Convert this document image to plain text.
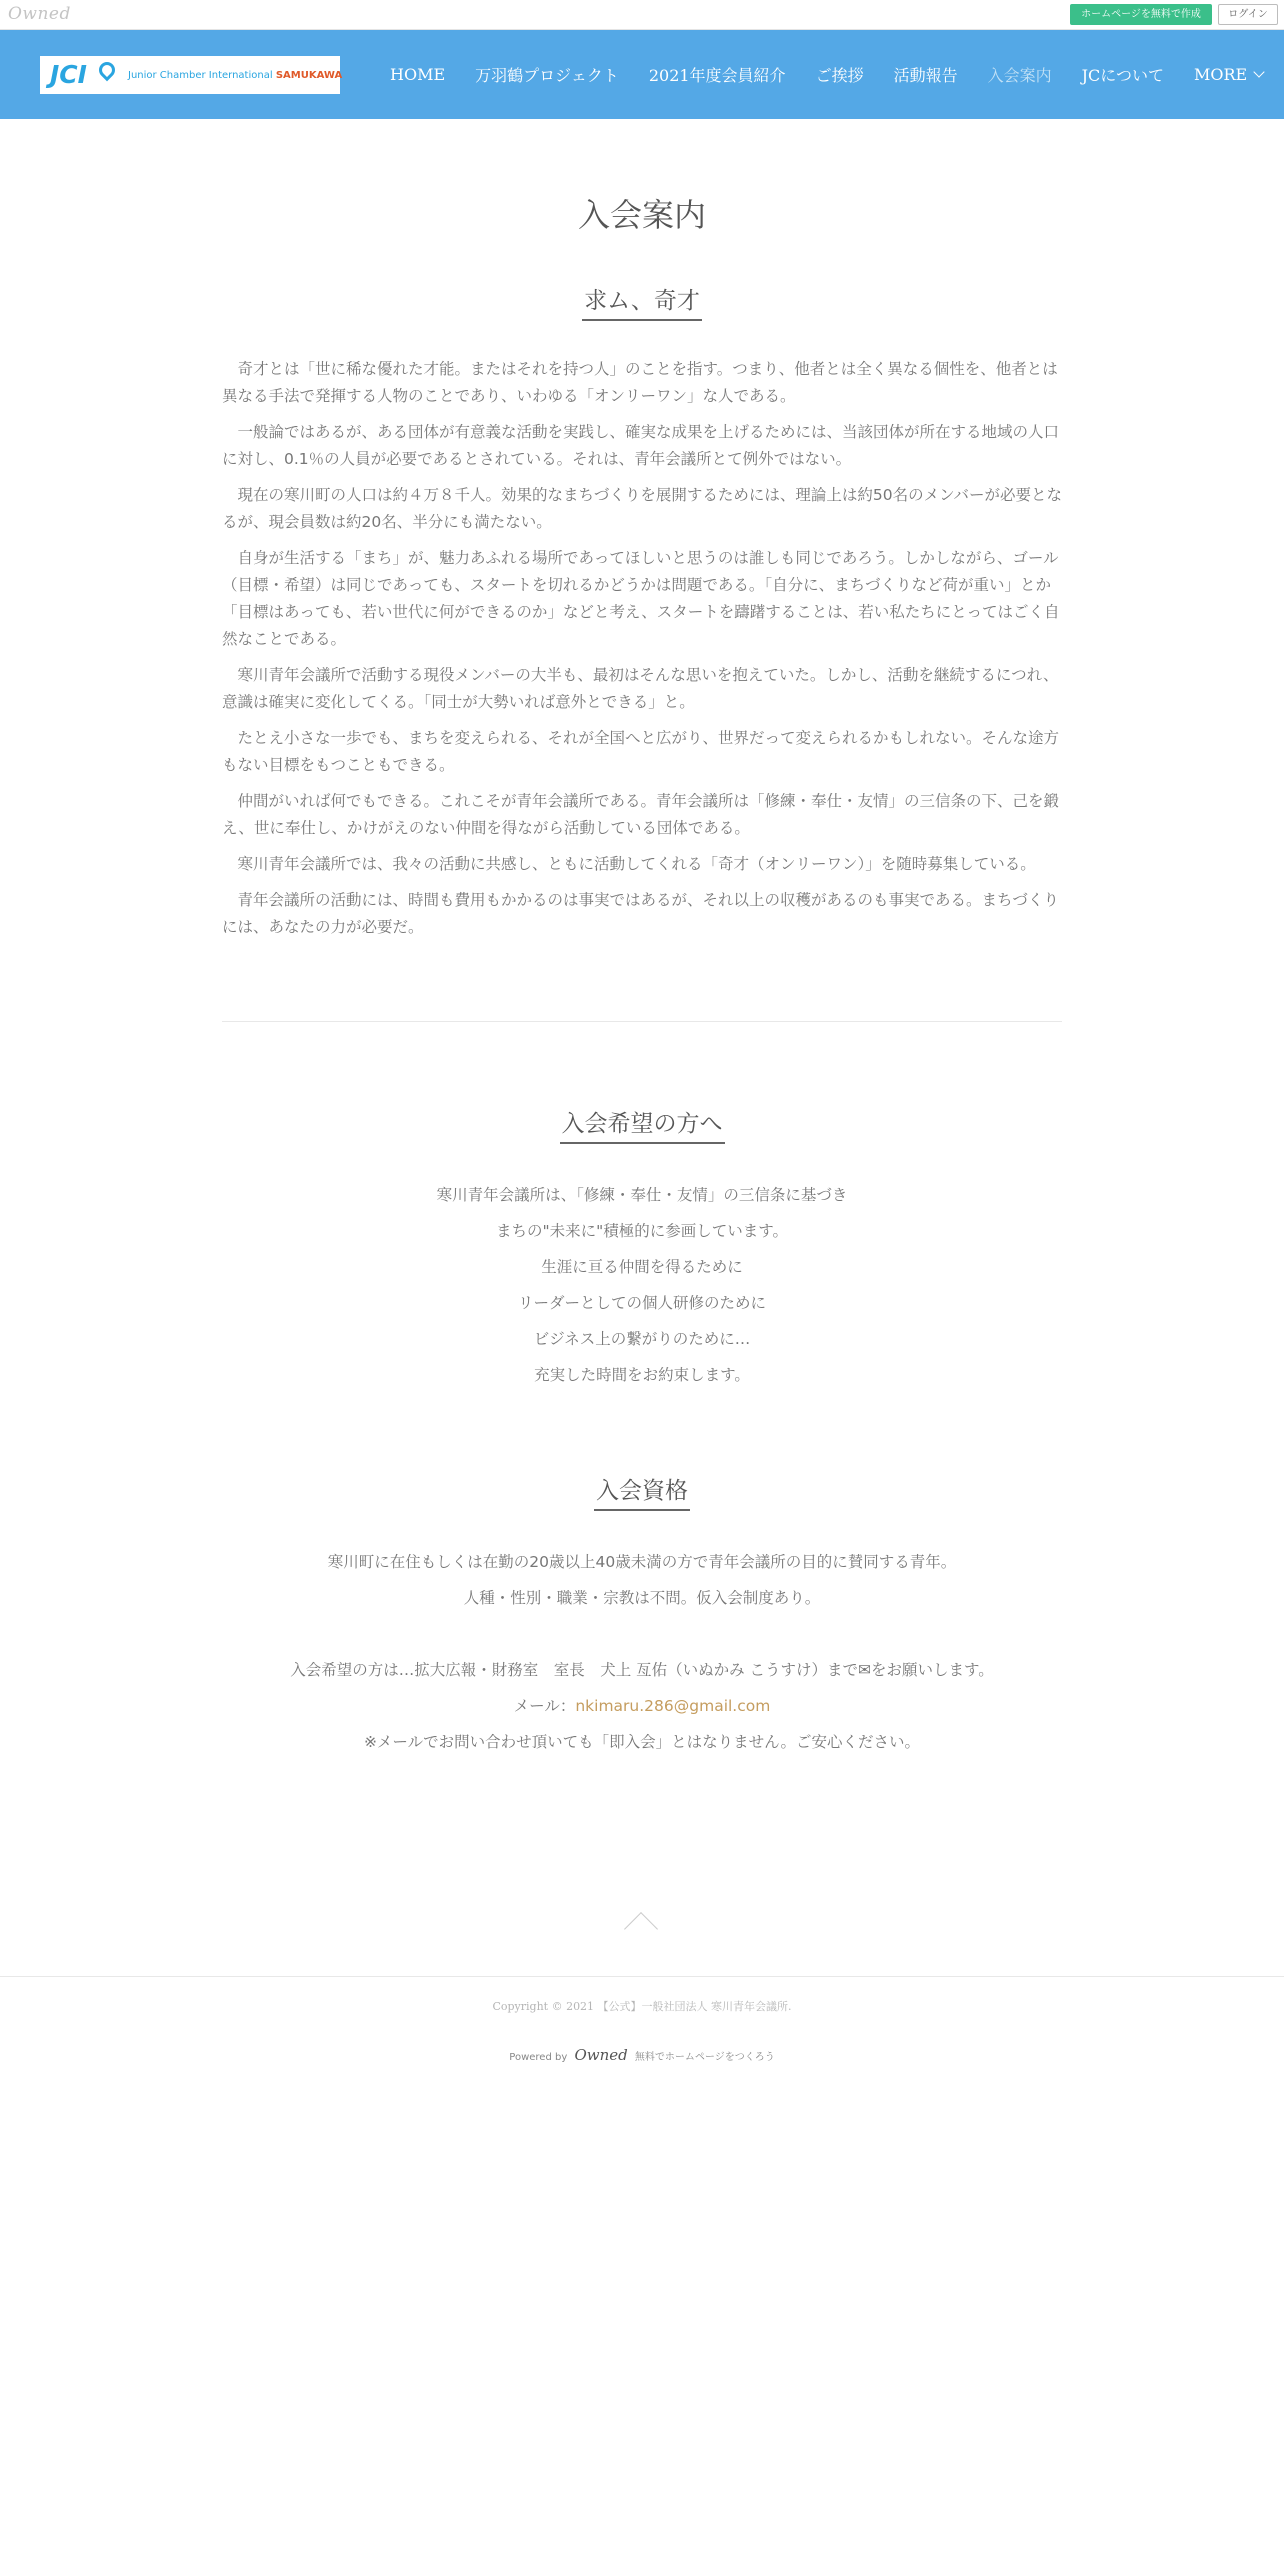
Owned	ホームページを無料で作成	ログイン
JCI	Junior Chamber International SAMUKAWA	HOME 万羽鶴プロジェクト 2021年度会員紹介 ご挨拶 活動報告 入会案内 JCについて MORE
入会案内
求ム、奇才

奇才とは「世に稀な優れた才能。またはそれを持つ人」のことを指す。つまり、他者とは全く異なる個性を、他者とは異なる手法で発揮する人物のことであり、いわゆる「オンリーワン」な人である。

一般論ではあるが、ある団体が有意義な活動を実践し、確実な成果を上げるためには、当該団体が所在する地域の人口に対し、0.1％の人員が必要であるとされている。それは、青年会議所とて例外ではない。

現在の寒川町の人口は約４万８千人。効果的なまちづくりを展開するためには、理論上は約50名のメンバーが必要となるが、現会員数は約20名、半分にも満たない。

自身が生活する「まち」が、魅力あふれる場所であってほしいと思うのは誰しも同じであろう。しかしながら、ゴール（目標・希望）は同じであっても、スタートを切れるかどうかは問題である。「自分に、まちづくりなど荷が重い」とか「目標はあっても、若い世代に何ができるのか」などと考え、スタートを躊躇することは、若い私たちにとってはごく自然なことである。

寒川青年会議所で活動する現役メンバーの大半も、最初はそんな思いを抱えていた。しかし、活動を継続するにつれ、意識は確実に変化してくる。「同士が大勢いれば意外とできる」と。

たとえ小さな一歩でも、まちを変えられる、それが全国へと広がり、世界だって変えられるかもしれない。そんな途方もない目標をもつこともできる。

仲間がいれば何でもできる。これこそが青年会議所である。青年会議所は「修練・奉仕・友情」の三信条の下、己を鍛え、世に奉仕し、かけがえのない仲間を得ながら活動している団体である。

寒川青年会議所では、我々の活動に共感し、ともに活動してくれる「奇才（オンリーワン）」を随時募集している。

青年会議所の活動には、時間も費用もかかるのは事実ではあるが、それ以上の収穫があるのも事実である。まちづくりには、あなたの力が必要だ。

入会希望の方へ

寒川青年会議所は、「修練・奉仕・友情」の三信条に基づき

まちの"未来に"積極的に参画しています。

生涯に亘る仲間を得るために

リーダーとしての個人研修のために

ビジネス上の繋がりのために…

充実した時間をお約束します。

入会資格

寒川町に在住もしくは在勤の20歳以上40歳未満の方で青年会議所の目的に賛同する青年。

人種・性別・職業・宗教は不問。仮入会制度あり。

入会希望の方は…拡大広報・財務室　室長　犬上 亙佑（いぬかみ こうすけ）まで✉をお願いします。

メール：nkimaru.286@gmail.com

※メールでお問い合わせ頂いても「即入会」とはなりません。ご安心ください。

Copyright © 2021 【公式】一般社団法人 寒川青年会議所.
Powered by Owned 無料でホームページをつくろう
